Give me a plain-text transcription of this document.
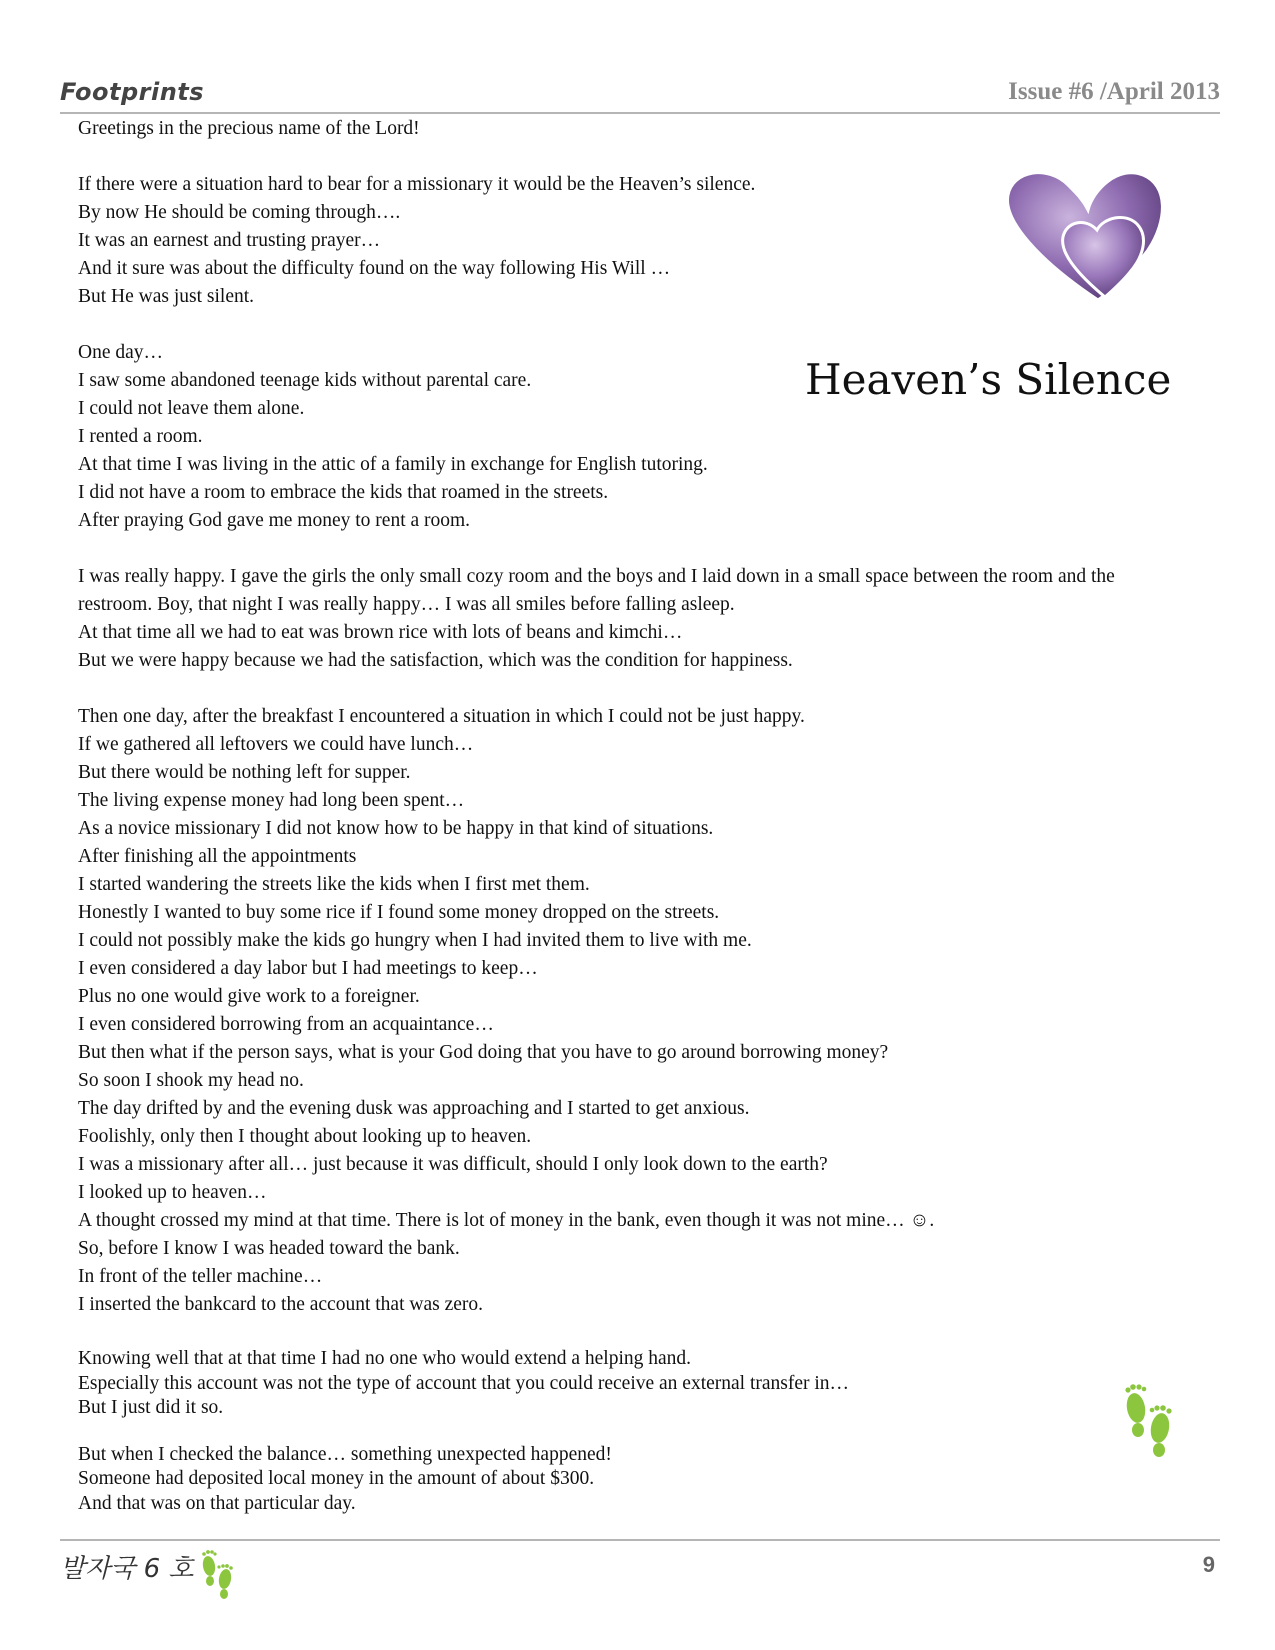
Footprints	Issue #6 /April 2013
Heaven’s Silence
Greetings in the precious name of the Lord!
If there were a situation hard to bear for a missionary it would be the Heaven’s silence.
By now He should be coming through….
It was an earnest and trusting prayer…
And it sure was about the difficulty found on the way following His Will …
But He was just silent.
One day…
I saw some abandoned teenage kids without parental care.
I could not leave them alone.
I rented a room.
At that time I was living in the attic of a family in exchange for English tutoring.
I did not have a room to embrace the kids that roamed in the streets.
After praying God gave me money to rent a room.
I was really happy. I gave the girls the only small cozy room and the boys and I laid down in a small space between the room and the restroom. Boy, that night I was really happy… I was all smiles before falling asleep.
At that time all we had to eat was brown rice with lots of beans and kimchi…
But we were happy because we had the satisfaction, which was the condition for happiness.
Then one day, after the breakfast I encountered a situation in which I could not be just happy.
If we gathered all leftovers we could have lunch…
But there would be nothing left for supper.
The living expense money had long been spent…
As a novice missionary I did not know how to be happy in that kind of situations.
After finishing all the appointments
I started wandering the streets like the kids when I first met them.
Honestly I wanted to buy some rice if I found some money dropped on the streets.
I could not possibly make the kids go hungry when I had invited them to live with me.
I even considered a day labor but I had meetings to keep…
Plus no one would give work to a foreigner.
I even considered borrowing from an acquaintance…
But then what if the person says, what is your God doing that you have to go around borrowing money?
So soon I shook my head no.
The day drifted by and the evening dusk was approaching and I started to get anxious.
Foolishly, only then I thought about looking up to heaven.
I was a missionary after all… just because it was difficult, should I only look down to the earth?
I looked up to heaven…
A thought crossed my mind at that time. There is lot of money in the bank, even though it was not mine… ☺.
So, before I know I was headed toward the bank.
In front of the teller machine…
I inserted the bankcard to the account that was zero.
Knowing well that at that time I had no one who would extend a helping hand.
Especially this account was not the type of account that you could receive an external transfer in…
But I just did it so.
But when I checked the balance… something unexpected happened!
Someone had deposited local money in the amount of about $300.
And that was on that particular day.
발자국 6 호	9
